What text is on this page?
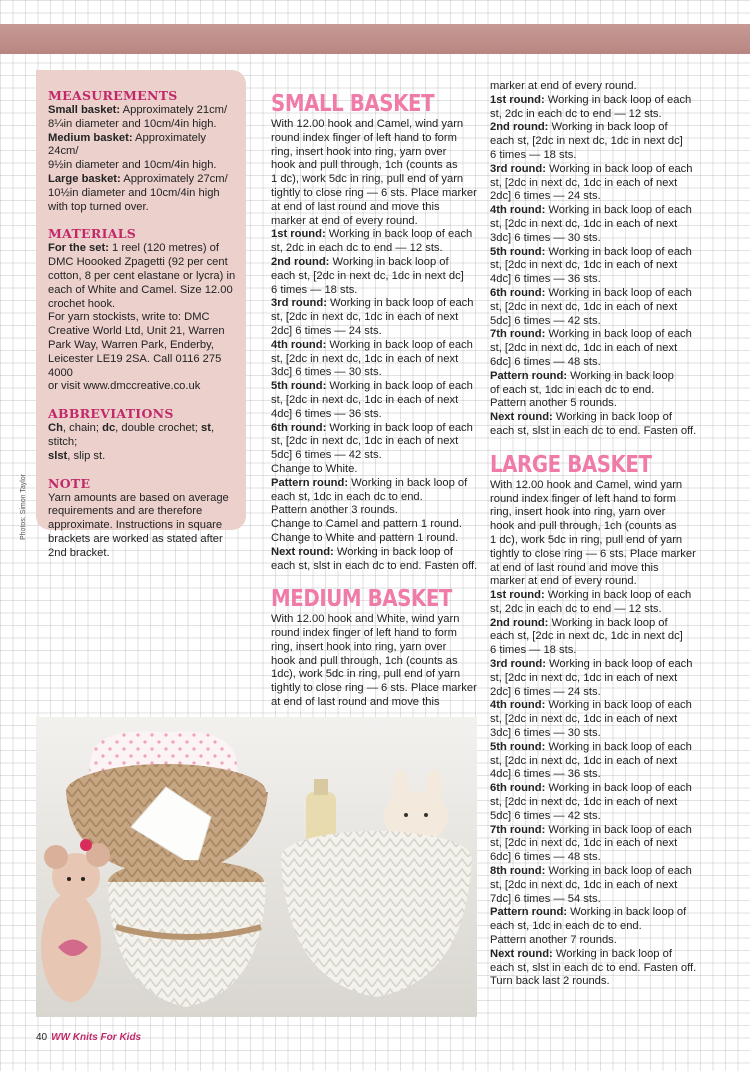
MEASUREMENTS

Small basket: Approximately 21cm/

8¼in diameter and 10cm/4in high.

Medium basket: Approximately 24cm/

9½in diameter and 10cm/4in high.

Large basket: Approximately 27cm/

10½in diameter and 10cm/4in high

with top turned over.

MATERIALS

For the set: 1 reel (120 metres) of

DMC Hoooked Zpagetti (92 per cent

cotton, 8 per cent elastane or lycra) in

each of White and Camel. Size 12.00

crochet hook.

For yarn stockists, write to: DMC

Creative World Ltd, Unit 21, Warren

Park Way, Warren Park, Enderby,

Leicester LE19 2SA. Call 0116 275 4000

or visit www.dmccreative.co.uk

ABBREVIATIONS

Ch, chain; dc, double crochet; st, stitch;

slst, slip st.

NOTE

Yarn amounts are based on average

requirements and are therefore

approximate. Instructions in square

brackets are worked as stated after

2nd bracket.

Photos: Simon Taylor
SMALL BASKET

With 12.00 hook and Camel, wind yarn

round index finger of left hand to form

ring, insert hook into ring, yarn over

hook and pull through, 1ch (counts as

1 dc), work 5dc in ring, pull end of yarn

tightly to close ring — 6 sts. Place marker

at end of last round and move this

marker at end of every round.

1st round: Working in back loop of each

st, 2dc in each dc to end — 12 sts.

2nd round: Working in back loop of

each st, [2dc in next dc, 1dc in next dc]

6 times — 18 sts.

3rd round: Working in back loop of each

st, [2dc in next dc, 1dc in each of next

2dc] 6 times — 24 sts.

4th round: Working in back loop of each

st, [2dc in next dc, 1dc in each of next

3dc] 6 times — 30 sts.

5th round: Working in back loop of each

st, [2dc in next dc, 1dc in each of next

4dc] 6 times — 36 sts.

6th round: Working in back loop of each

st, [2dc in next dc, 1dc in each of next

5dc] 6 times — 42 sts.

Change to White.

Pattern round: Working in back loop of

each st, 1dc in each dc to end.

Pattern another 3 rounds.

Change to Camel and pattern 1 round.

Change to White and pattern 1 round.

Next round: Working in back loop of

each st, slst in each dc to end. Fasten off.

MEDIUM BASKET

With 12.00 hook and White, wind yarn

round index finger of left hand to form

ring, insert hook into ring, yarn over

hook and pull through, 1ch (counts as

1dc), work 5dc in ring, pull end of yarn

tightly to close ring — 6 sts. Place marker

at end of last round and move this

marker at end of every round.

1st round: Working in back loop of each

st, 2dc in each dc to end — 12 sts.

2nd round: Working in back loop of

each st, [2dc in next dc, 1dc in next dc]

6 times — 18 sts.

3rd round: Working in back loop of each

st, [2dc in next dc, 1dc in each of next

2dc] 6 times — 24 sts.

4th round: Working in back loop of each

st, [2dc in next dc, 1dc in each of next

3dc] 6 times — 30 sts.

5th round: Working in back loop of each

st, [2dc in next dc, 1dc in each of next

4dc] 6 times — 36 sts.

6th round: Working in back loop of each

st, [2dc in next dc, 1dc in each of next

5dc] 6 times — 42 sts.

7th round: Working in back loop of each

st, [2dc in next dc, 1dc in each of next

6dc] 6 times — 48 sts.

Pattern round: Working in back loop

of each st, 1dc in each dc to end.

Pattern another 5 rounds.

Next round: Working in back loop of

each st, slst in each dc to end. Fasten off.

LARGE BASKET

With 12.00 hook and Camel, wind yarn

round index finger of left hand to form

ring, insert hook into ring, yarn over

hook and pull through, 1ch (counts as

1 dc), work 5dc in ring, pull end of yarn

tightly to close ring — 6 sts. Place marker

at end of last round and move this

marker at end of every round.

1st round: Working in back loop of each

st, 2dc in each dc to end — 12 sts.

2nd round: Working in back loop of

each st, [2dc in next dc, 1dc in next dc]

6 times — 18 sts.

3rd round: Working in back loop of each

st, [2dc in next dc, 1dc in each of next

2dc] 6 times — 24 sts.

4th round: Working in back loop of each

st, [2dc in next dc, 1dc in each of next

3dc] 6 times — 30 sts.

5th round: Working in back loop of each

st, [2dc in next dc, 1dc in each of next

4dc] 6 times — 36 sts.

6th round: Working in back loop of each

st, [2dc in next dc, 1dc in each of next

5dc] 6 times — 42 sts.

7th round: Working in back loop of each

st, [2dc in next dc, 1dc in each of next

6dc] 6 times — 48 sts.

8th round: Working in back loop of each

st, [2dc in next dc, 1dc in each of next

7dc] 6 times — 54 sts.

Pattern round: Working in back loop of

each st, 1dc in each dc to end.

Pattern another 7 rounds.

Next round: Working in back loop of

each st, slst in each dc to end. Fasten off.

Turn back last 2 rounds.

40 WW Knits For Kids
